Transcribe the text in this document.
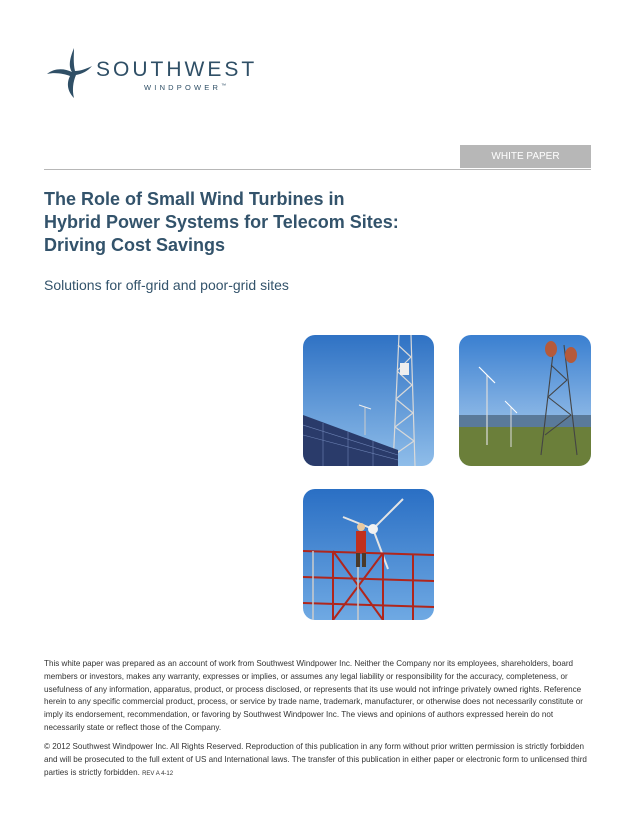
SOUTHWEST
WINDPOWER™
WHITE PAPER
The Role of Small Wind Turbines in
Hybrid Power Systems for Telecom Sites:
Driving Cost Savings

Solutions for off-grid and poor-grid sites

This white paper was prepared as an account of work from Southwest Windpower Inc. Neither the Company nor its employees, shareholders, board members or investors, makes any warranty, expresses or implies, or assumes any legal liability or responsibility for the accuracy, completeness, or usefulness of any information, apparatus, product, or process disclosed, or represents that its use would not infringe privately owned rights. Reference herein to any specific commercial product, process, or service by trade name, trademark, manufacturer, or otherwise does not necessarily constitute or imply its endorsement, recommendation, or favoring by Southwest Windpower Inc. The views and opinions of authors expressed herein do not necessarily state or reflect those of the Company.

© 2012 Southwest Windpower Inc. All Rights Reserved. Reproduction of this publication in any form without prior written permission is strictly forbidden and will be prosecuted to the full extent of US and International laws. The transfer of this publication in either paper or electronic form to unlicensed third parties is strictly forbidden. REV A 4-12
